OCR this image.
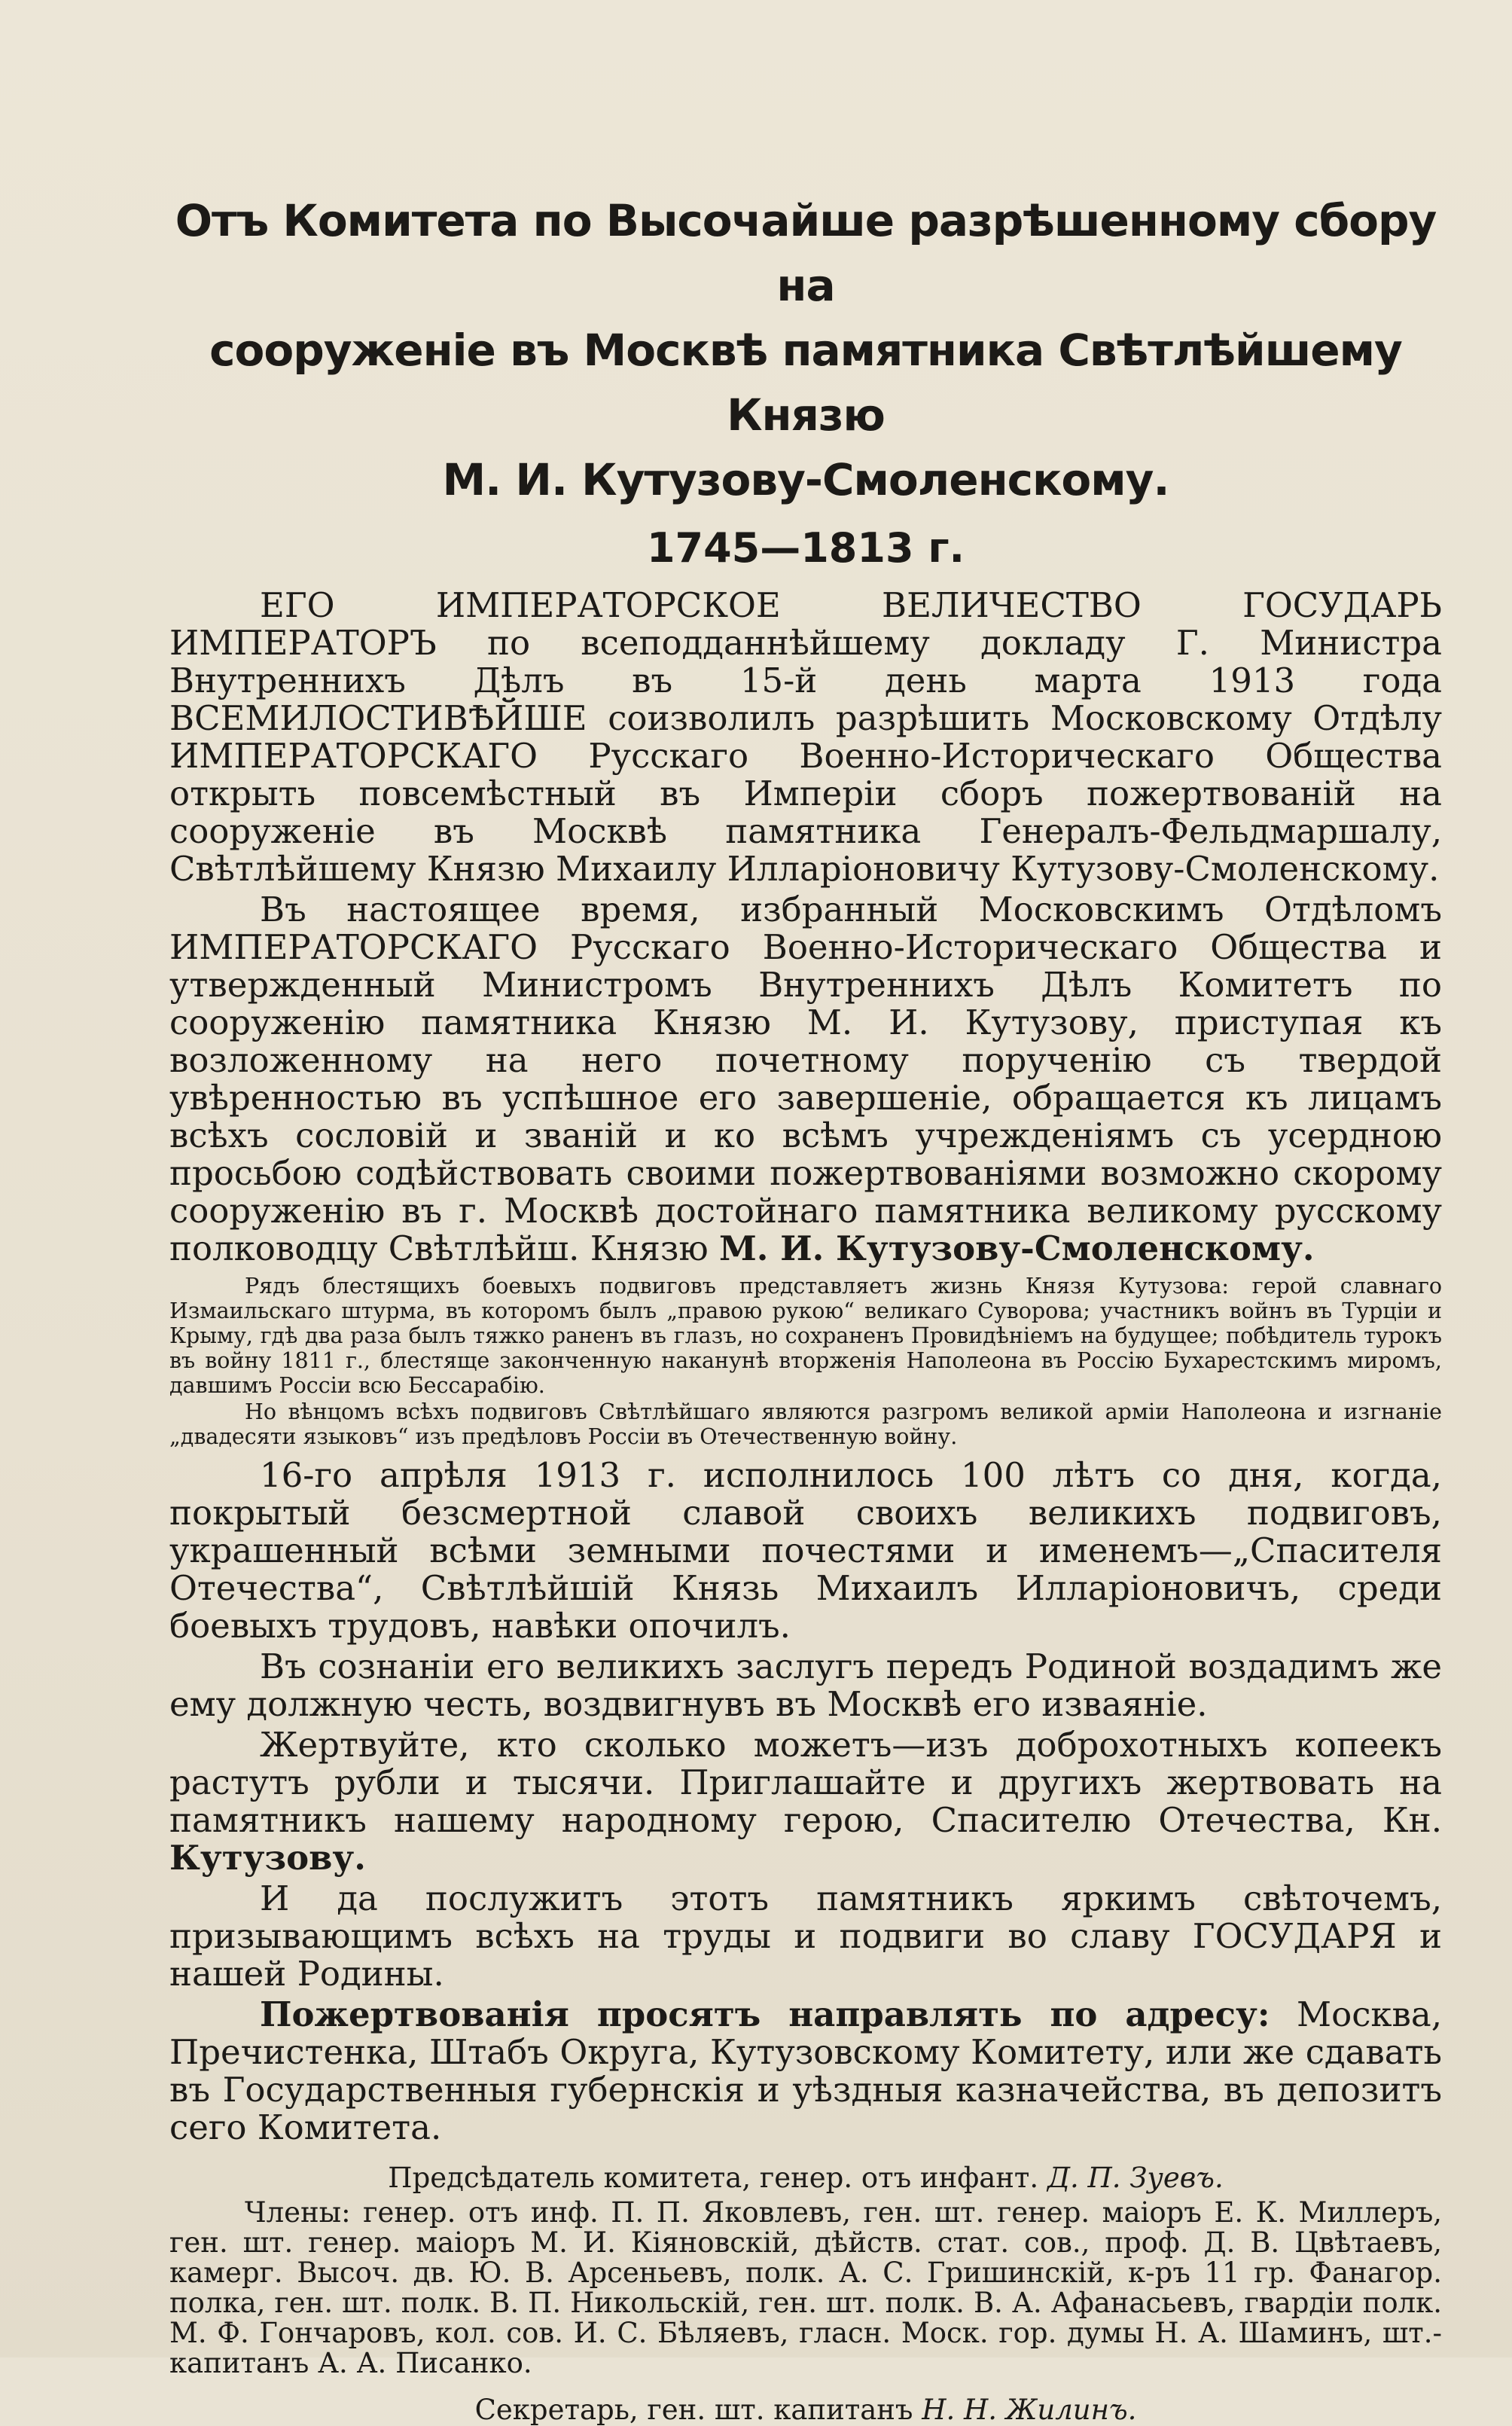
Отъ Комитета по Высочайше разрѣшенному сбору на
сооруженіе въ Москвѣ памятника Свѣтлѣйшему Князю
М. И. Кутузову-Смоленскому.
1745—1813 г.

ЕГО ИМПЕРАТОРСКОЕ ВЕЛИЧЕСТВО ГОСУДАРЬ ИМПЕРАТОРЪ по всеподданнѣйшему докладу Г. Министра Внутреннихъ Дѣлъ въ 15-й день марта 1913 года ВСЕМИЛОСТИВѢЙШЕ соизволилъ разрѣшить Московскому Отдѣлу ИМПЕРАТОРСКАГО Русскаго Военно-Историческаго Общества открыть повсемѣстный въ Имперіи сборъ пожертвованій на сооруженіе въ Москвѣ памятника Генералъ-Фельдмаршалу, Свѣтлѣйшему Князю Михаилу Илларіоновичу Кутузову-Смоленскому.

Въ настоящее время, избранный Московскимъ Отдѣломъ ИМПЕРАТОРСКАГО Русскаго Военно-Историческаго Общества и утвержденный Министромъ Внутреннихъ Дѣлъ Комитетъ по сооруженію памятника Князю М. И. Кутузову, приступая къ возложенному на него почетному порученію съ твердой увѣренностью въ успѣшное его завершеніе, обращается къ лицамъ всѣхъ сословій и званій и ко всѣмъ учрежденіямъ съ усердною просьбою содѣйствовать своими пожертвованіями возможно скорому сооруженію въ г. Москвѣ достойнаго памятника великому русскому полководцу Свѣтлѣйш. Князю М. И. Кутузову-Смоленскому.

Рядъ блестящихъ боевыхъ подвиговъ представляетъ жизнь Князя Кутузова: герой славнаго Измаильскаго штурма, въ которомъ былъ „правою рукою“ великаго Суворова; участникъ войнъ въ Турціи и Крыму, гдѣ два раза былъ тяжко раненъ въ глазъ, но сохраненъ Провидѣніемъ на будущее; побѣдитель турокъ въ войну 1811 г., блестяще законченную наканунѣ вторженія Наполеона въ Россію Бухарестскимъ миромъ, давшимъ Россіи всю Бессарабію.

Но вѣнцомъ всѣхъ подвиговъ Свѣтлѣйшаго являются разгромъ великой арміи Наполеона и изгнаніе „двадесяти языковъ“ изъ предѣловъ Россіи въ Отечественную войну.

16-го апрѣля 1913 г. исполнилось 100 лѣтъ со дня, когда, покрытый безсмертной славой своихъ великихъ подвиговъ, украшенный всѣми земными почестями и именемъ—„Спасителя Отечества“, Свѣтлѣйшій Князь Михаилъ Илларіоновичъ, среди боевыхъ трудовъ, навѣки опочилъ.

Въ сознаніи его великихъ заслугъ передъ Родиной воздадимъ же ему должную честь, воздвигнувъ въ Москвѣ его изваяніе.

Жертвуйте, кто сколько можетъ—изъ доброхотныхъ копеекъ растутъ рубли и тысячи. Приглашайте и другихъ жертвовать на памятникъ нашему народному герою, Спасителю Отечества, Кн. Кутузову.

И да послужитъ этотъ памятникъ яркимъ свѣточемъ, призывающимъ всѣхъ на труды и подвиги во славу ГОСУДАРЯ и нашей Родины.

Пожертвованія просятъ направлять по адресу: Москва, Пречистенка, Штабъ Округа, Кутузовскому Комитету, или же сдавать въ Государственныя губернскія и уѣздныя казначейства, въ депозитъ сего Комитета.

Предсѣдатель комитета, генер. отъ инфант. Д. П. Зуевъ.

Члены: генер. отъ инф. П. П. Яковлевъ, ген. шт. генер. маіоръ Е. К. Миллеръ, ген. шт. генер. маіоръ М. И. Кіяновскій, дѣйств. стат. сов., проф. Д. В. Цвѣтаевъ, камерг. Высоч. дв. Ю. В. Арсеньевъ, полк. А. С. Гришинскій, к-ръ 11 гр. Фанагор. полка, ген. шт. полк. В. П. Никольскій, ген. шт. полк. В. А. Афанасьевъ, гвардіи полк. М. Ф. Гончаровъ, кол. сов. И. С. Бѣляевъ, гласн. Моск. гор. думы Н. А. Шаминъ, шт.-капитанъ А. А. Писанко.

Секретарь, ген. шт. капитанъ Н. Н. Жилинъ.
